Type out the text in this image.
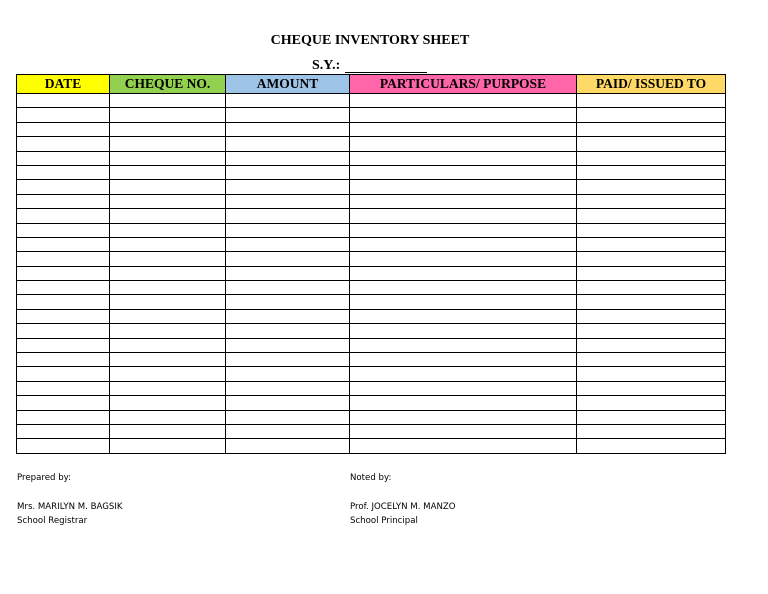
CHEQUE INVENTORY SHEET
S.Y.:
DATE	CHEQUE NO.	AMOUNT	PARTICULARS/ PURPOSE	PAID/ ISSUED TO

Prepared by:
Mrs. MARILYN M. BAGSIK
School Registrar
Noted by:
Prof. JOCELYN M. MANZO
School Principal
